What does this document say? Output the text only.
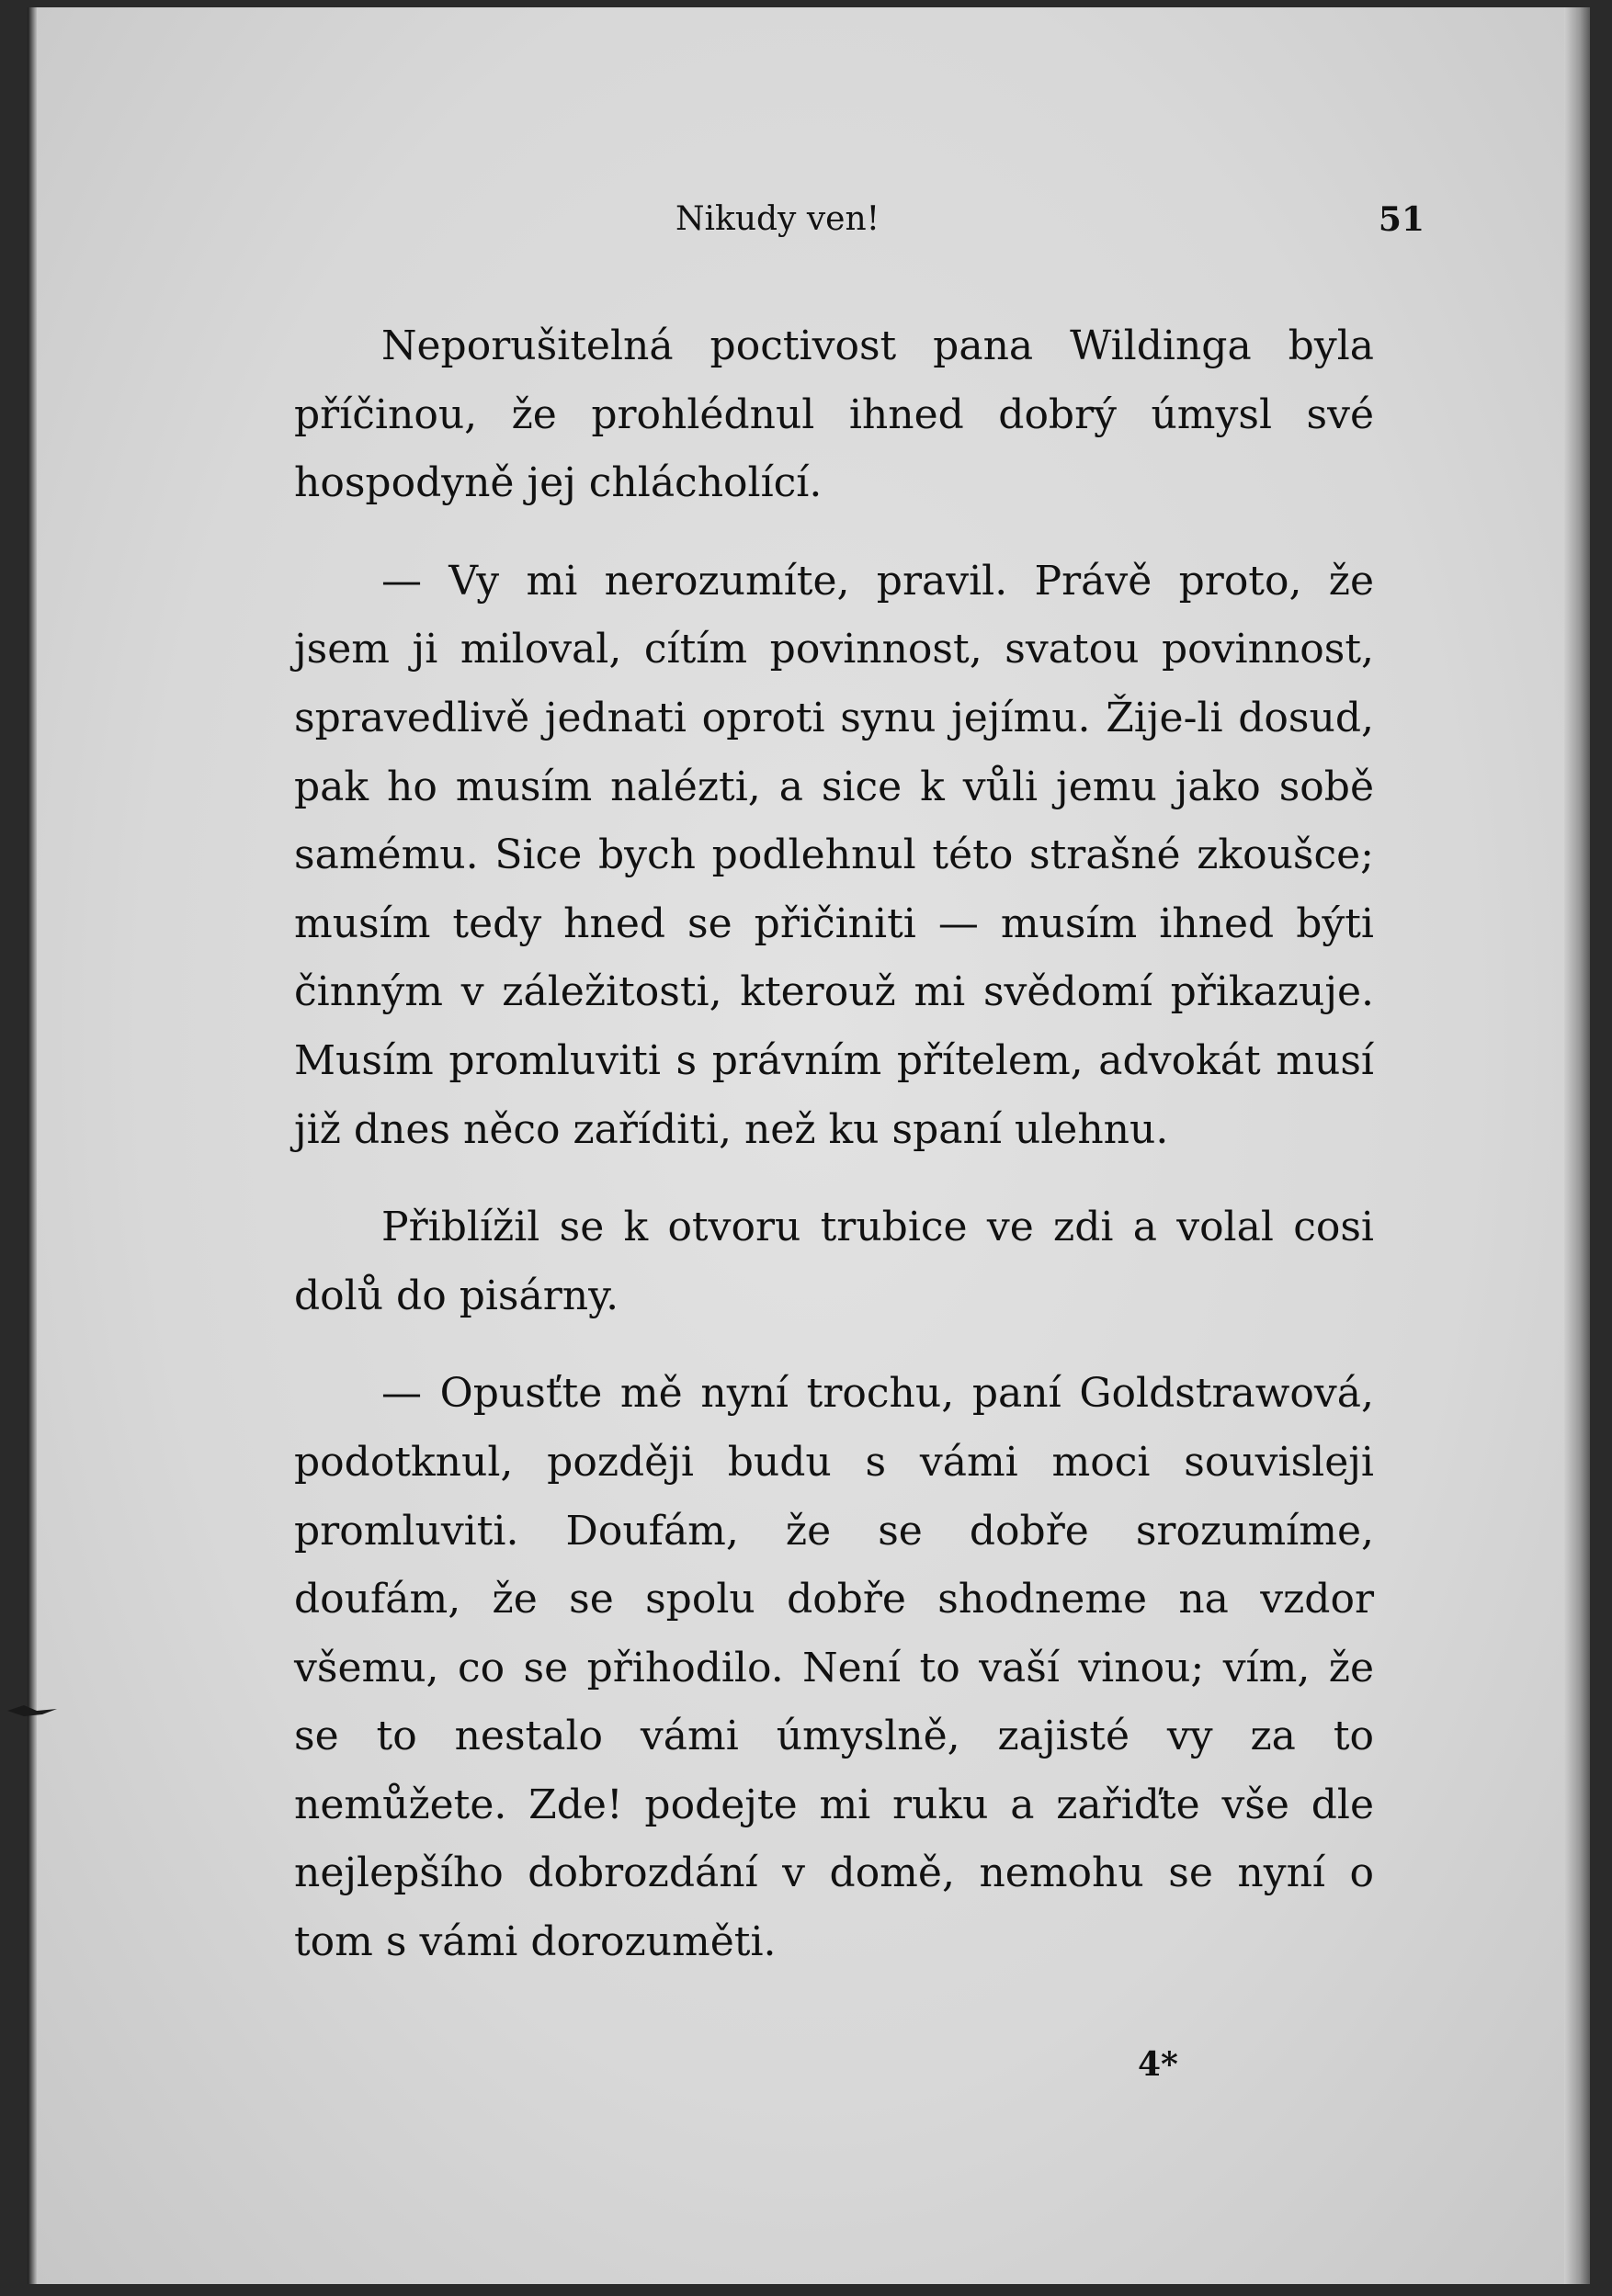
Nikudy ven!	51

Neporušitelná poctivost pana Wildinga byla příčinou, že prohlédnul ihned dobrý úmysl své hospodyně jej chlácholící.

— Vy mi nerozumíte, pravil. Právě proto, že jsem ji miloval, cítím povinnost, svatou povinnost, spravedlivě jednati oproti synu jejímu. Žije-li dosud, pak ho musím nalézti, a sice k vůli jemu jako sobě samému. Sice bych podlehnul této strašné zkoušce; musím tedy hned se přičiniti — musím ihned býti činným v záležitosti, kterouž mi svědomí přikazuje. Musím promluviti s právním přítelem, advokát musí již dnes něco zaříditi, než ku spaní ulehnu.

Přiblížil se k otvoru trubice ve zdi a volal cosi dolů do pisárny.

— Opusťte mě nyní trochu, paní Goldstrawová, podotknul, později budu s vámi moci souvisleji promluviti. Doufám, že se dobře srozumíme, doufám, že se spolu dobře shodneme na vzdor všemu, co se přihodilo. Není to vaší vinou; vím, že se to nestalo vámi úmyslně, zajisté vy za to nemůžete. Zde! podejte mi ruku a zařiďte vše dle nejlepšího dobrozdání v domě, nemohu se nyní o tom s vámi dorozuměti.

4*
